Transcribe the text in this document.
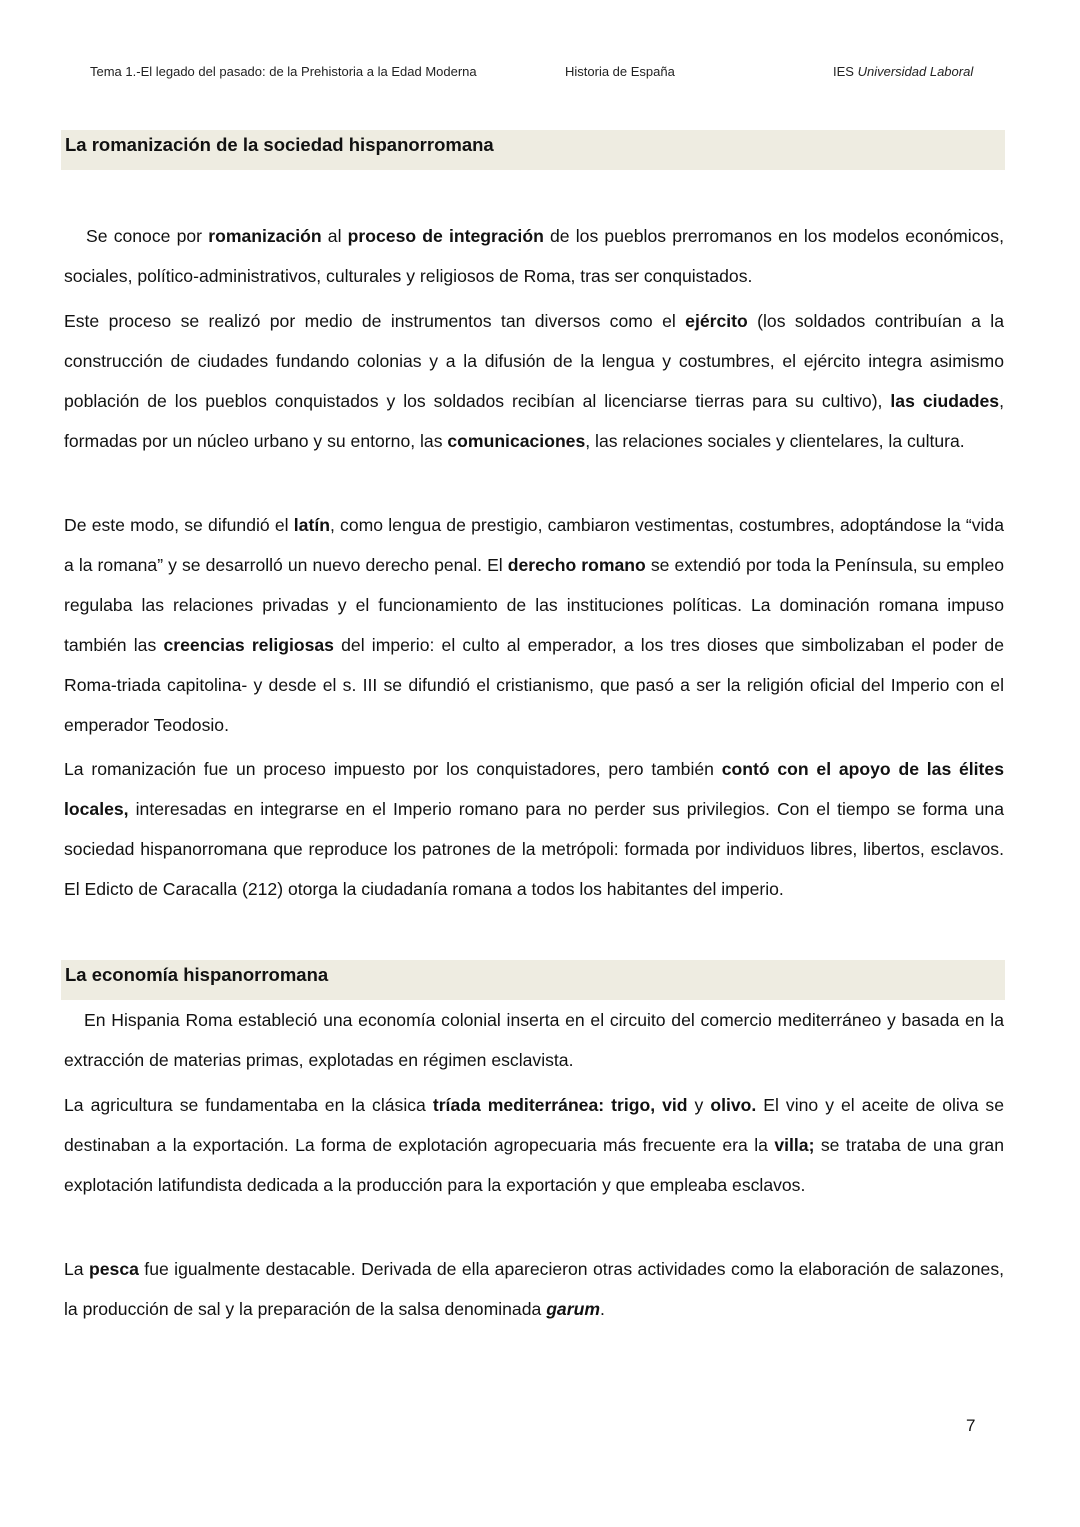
Tema 1.-El legado del pasado: de la Prehistoria a la Edad Moderna	Historia de España	IES Universidad Laboral
La romanización de la sociedad hispanorromana

Se conoce por romanización al proceso de integración de los pueblos prerromanos en los modelos económicos, sociales, político-administrativos, culturales y religiosos de Roma, tras ser conquistados.

Este proceso se realizó por medio de instrumentos tan diversos como el ejército (los soldados contribuían a la construcción de ciudades fundando colonias y a la difusión de la lengua y costumbres, el ejército integra asimismo población de los pueblos conquistados y los soldados recibían al licenciarse tierras para su cultivo), las ciudades, formadas por un núcleo urbano y su entorno, las comunicaciones, las relaciones sociales y clientelares, la cultura.

De este modo, se difundió el latín, como lengua de prestigio, cambiaron vestimentas, costumbres, adoptándose la “vida a la romana” y se desarrolló un nuevo derecho penal. El derecho romano se extendió por toda la Península, su empleo regulaba las relaciones privadas y el funcionamiento de las instituciones políticas. La dominación romana impuso también las creencias religiosas del imperio: el culto al emperador, a los tres dioses que simbolizaban el poder de Roma-triada capitolina- y desde el s. III se difundió el cristianismo, que pasó a ser la religión oficial del Imperio con el emperador Teodosio.

La romanización fue un proceso impuesto por los conquistadores, pero también contó con el apoyo de las élites locales, interesadas en integrarse en el Imperio romano para no perder sus privilegios. Con el tiempo se forma una sociedad hispanorromana que reproduce los patrones de la metrópoli: formada por individuos libres, libertos, esclavos. El Edicto de Caracalla (212) otorga la ciudadanía romana a todos los habitantes del imperio.

La economía hispanorromana

En Hispania Roma estableció una economía colonial inserta en el circuito del comercio mediterráneo y basada en la extracción de materias primas, explotadas en régimen esclavista.

La agricultura se fundamentaba en la clásica tríada mediterránea: trigo, vid y olivo. El vino y el aceite de oliva se destinaban a la exportación. La forma de explotación agropecuaria más frecuente era la villa; se trataba de una gran explotación latifundista dedicada a la producción para la exportación y que empleaba esclavos.

La pesca fue igualmente destacable. Derivada de ella aparecieron otras actividades como la elaboración de salazones, la producción de sal y la preparación de la salsa denominada garum.

7
